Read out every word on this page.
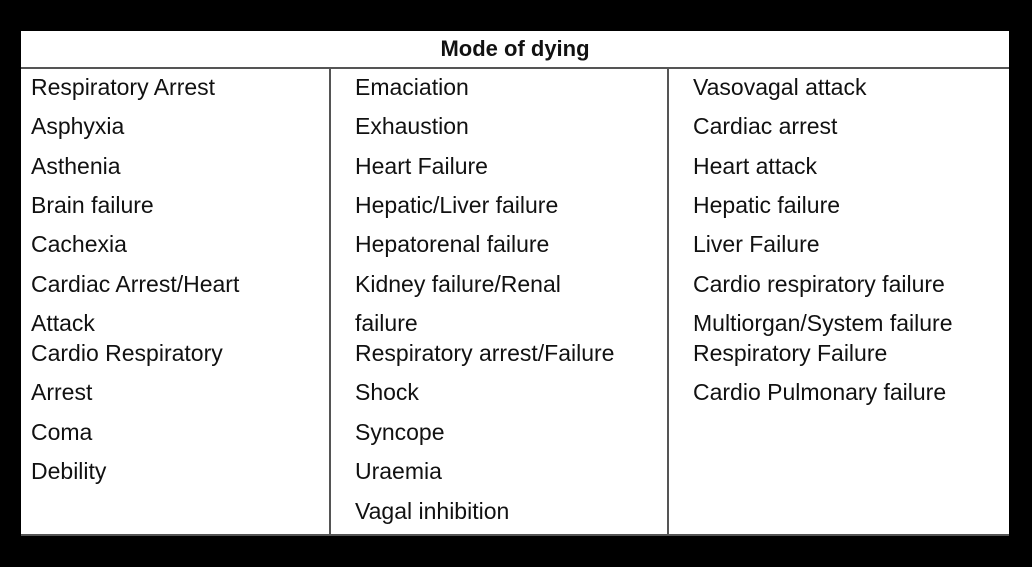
Mode of dying
Respiratory Arrest
Asphyxia
Asthenia
Brain failure
Cachexia
Cardiac Arrest/Heart
Attack
Cardio Respiratory
Arrest
Coma
Debility
Emaciation
Exhaustion
Heart Failure
Hepatic/Liver failure
Hepatorenal failure
Kidney failure/Renal
failure
Respiratory arrest/Failure
Shock
Syncope
Uraemia
Vagal inhibition
Vasovagal attack
Cardiac arrest
Heart attack
Hepatic failure
Liver Failure
Cardio respiratory failure
Multiorgan/System failure
Respiratory Failure
Cardio Pulmonary failure
